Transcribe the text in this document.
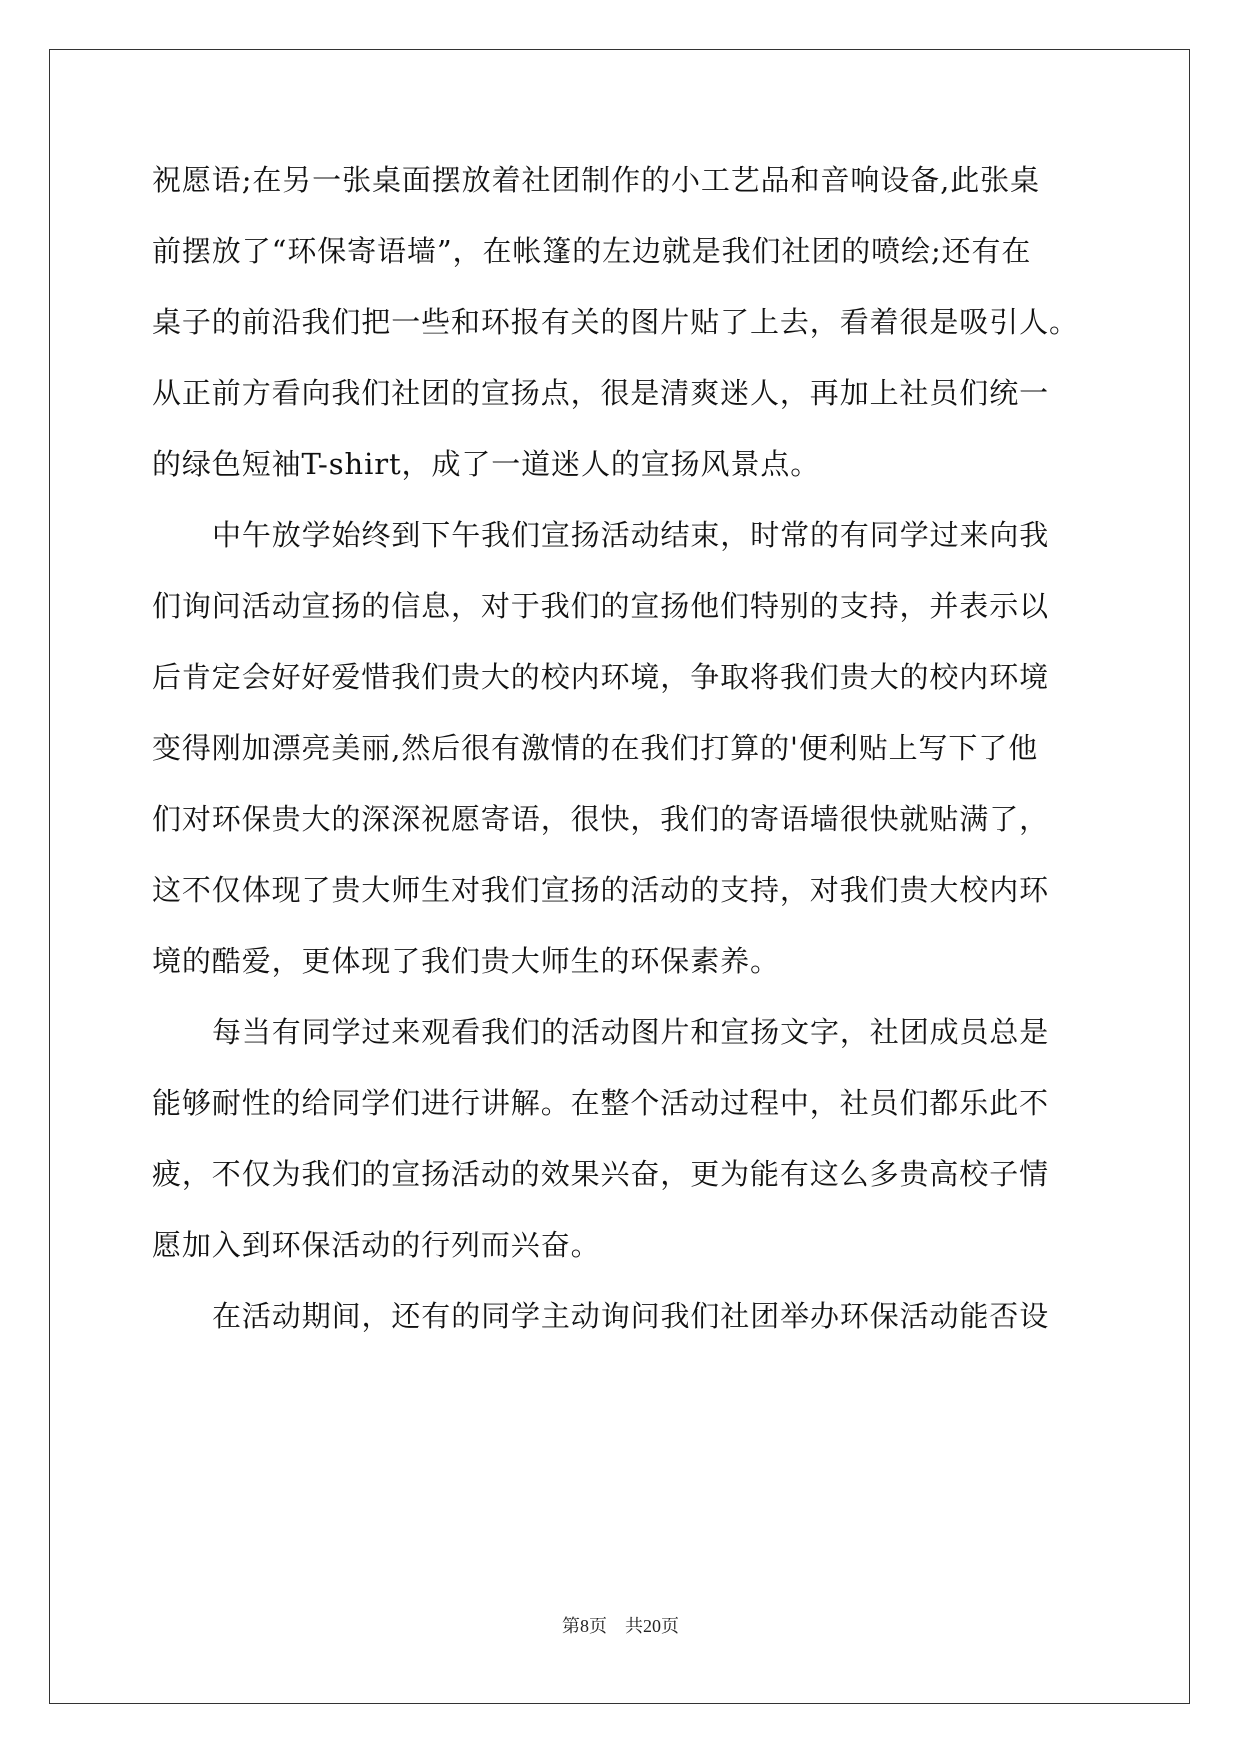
祝愿语;在另一张桌面摆放着社团制作的小工艺品和音响设备,此张桌
前摆放了“环保寄语墙”，在帐篷的左边就是我们社团的喷绘;还有在
桌子的前沿我们把一些和环报有关的图片贴了上去，看着很是吸引人。
从正前方看向我们社团的宣扬点，很是清爽迷人，再加上社员们统一
的绿色短袖T-shirt，成了一道迷人的宣扬风景点。
中午放学始终到下午我们宣扬活动结束，时常的有同学过来向我
们询问活动宣扬的信息，对于我们的宣扬他们特别的支持，并表示以
后肯定会好好爱惜我们贵大的校内环境，争取将我们贵大的校内环境
变得刚加漂亮美丽,然后很有激情的在我们打算的'便利贴上写下了他
们对环保贵大的深深祝愿寄语，很快，我们的寄语墙很快就贴满了，
这不仅体现了贵大师生对我们宣扬的活动的支持，对我们贵大校内环
境的酷爱，更体现了我们贵大师生的环保素养。
每当有同学过来观看我们的活动图片和宣扬文字，社团成员总是
能够耐性的给同学们进行讲解。在整个活动过程中，社员们都乐此不
疲，不仅为我们的宣扬活动的效果兴奋，更为能有这么多贵高校子情
愿加入到环保活动的行列而兴奋。
在活动期间，还有的同学主动询问我们社团举办环保活动能否设
第8页　共20页
